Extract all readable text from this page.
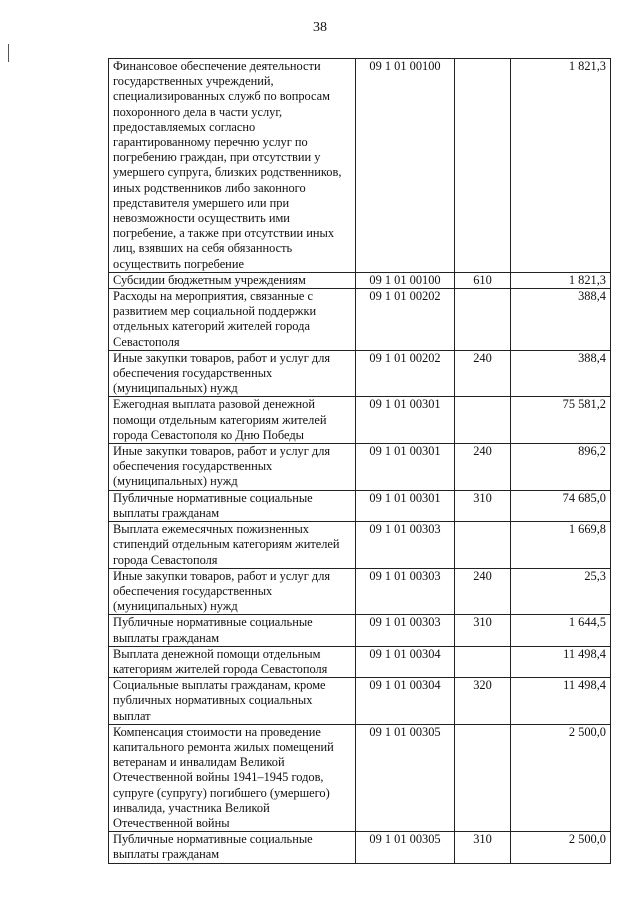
38
Финансовое обеспечение деятельности государственных учреждений, специализированных служб по вопросам похоронного дела в части услуг, предоставляемых согласно гарантированному перечню услуг по погребению граждан, при отсутствии у умершего супруга, близких родственников, иных родственников либо законного представителя умершего или при невозможности осуществить ими погребение, а также при отсутствии иных лиц, взявших на себя обязанность осуществить погребение	09 1 01 00100		1 821,3
Субсидии бюджетным учреждениям	09 1 01 00100	610	1 821,3
Расходы на мероприятия, связанные с развитием мер социальной поддержки отдельных категорий жителей города Севастополя	09 1 01 00202		388,4
Иные закупки товаров, работ и услуг для обеспечения государственных (муниципальных) нужд	09 1 01 00202	240	388,4
Ежегодная выплата разовой денежной помощи отдельным категориям жителей города Севастополя ко Дню Победы	09 1 01 00301		75 581,2
Иные закупки товаров, работ и услуг для обеспечения государственных (муниципальных) нужд	09 1 01 00301	240	896,2
Публичные нормативные социальные выплаты гражданам	09 1 01 00301	310	74 685,0
Выплата ежемесячных пожизненных стипендий отдельным категориям жителей города Севастополя	09 1 01 00303		1 669,8
Иные закупки товаров, работ и услуг для обеспечения государственных (муниципальных) нужд	09 1 01 00303	240	25,3
Публичные нормативные социальные выплаты гражданам	09 1 01 00303	310	1 644,5
Выплата денежной помощи отдельным категориям жителей города Севастополя	09 1 01 00304		11 498,4
Социальные выплаты гражданам, кроме публичных нормативных социальных выплат	09 1 01 00304	320	11 498,4
Компенсация стоимости на проведение капитального ремонта жилых помещений ветеранам и инвалидам Великой Отечественной войны 1941–1945 годов, супруге (супругу) погибшего (умершего) инвалида, участника Великой Отечественной войны	09 1 01 00305		2 500,0
Публичные нормативные социальные выплаты гражданам	09 1 01 00305	310	2 500,0
